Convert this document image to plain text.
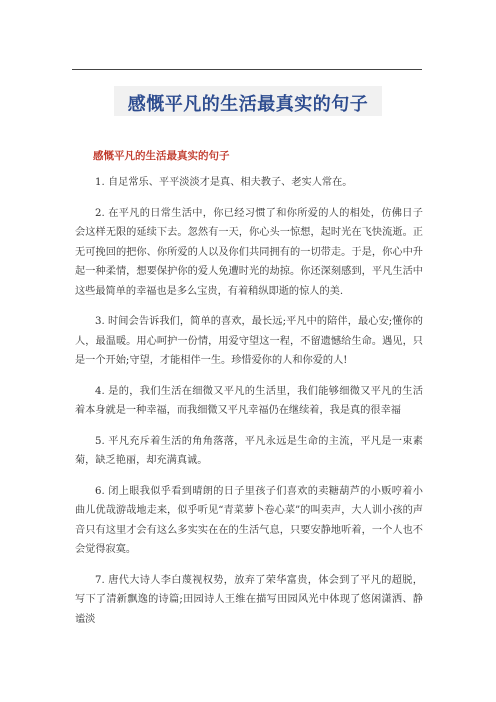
感慨平凡的生活最真实的句子
感慨平凡的生活最真实的句子

1. 自足常乐、平平淡淡才是真、相夫教子、老实人常在。

2. 在平凡的日常生活中，你已经习惯了和你所爱的人的相处，仿佛日子会这样无限的延续下去。忽然有一天，你心头一惊想，起时光在飞快流逝。正无可挽回的把你、你所爱的人以及你们共同拥有的一切带走。于是，你心中升起一种柔情，想要保护你的爱人免遭时光的劫掠。你还深刻感到，平凡生活中这些最简单的幸福也是多么宝贵，有着稍纵即逝的惊人的美.

3. 时间会告诉我们，简单的喜欢，最长远;平凡中的陪伴，最心安;懂你的人，最温暖。用心呵护一份情，用爱守望这一程，不留遗憾给生命。遇见，只是一个开始;守望，才能相伴一生。珍惜爱你的人和你爱的人!

4. 是的，我们生活在细微又平凡的生活里，我们能够细微又平凡的生活着本身就是一种幸福，而我细微又平凡幸福仍在继续着，我是真的很幸福

5. 平凡充斥着生活的角角落落，平凡永远是生命的主流，平凡是一束素菊，缺乏艳丽，却充满真诚。

6. 闭上眼我似乎看到晴朗的日子里孩子们喜欢的卖糖葫芦的小贩哼着小曲儿优哉游哉地走来，似乎听见“青菜萝卜卷心菜”的叫卖声，大人训小孩的声音只有这里才会有这么多实实在在的生活气息，只要安静地听着，一个人也不会觉得寂寞。

7. 唐代大诗人李白蔑视权势，放弃了荣华富贵，体会到了平凡的超脱，写下了清新飘逸的诗篇;田园诗人王维在描写田园风光中体现了悠闲潇洒、静谧淡
